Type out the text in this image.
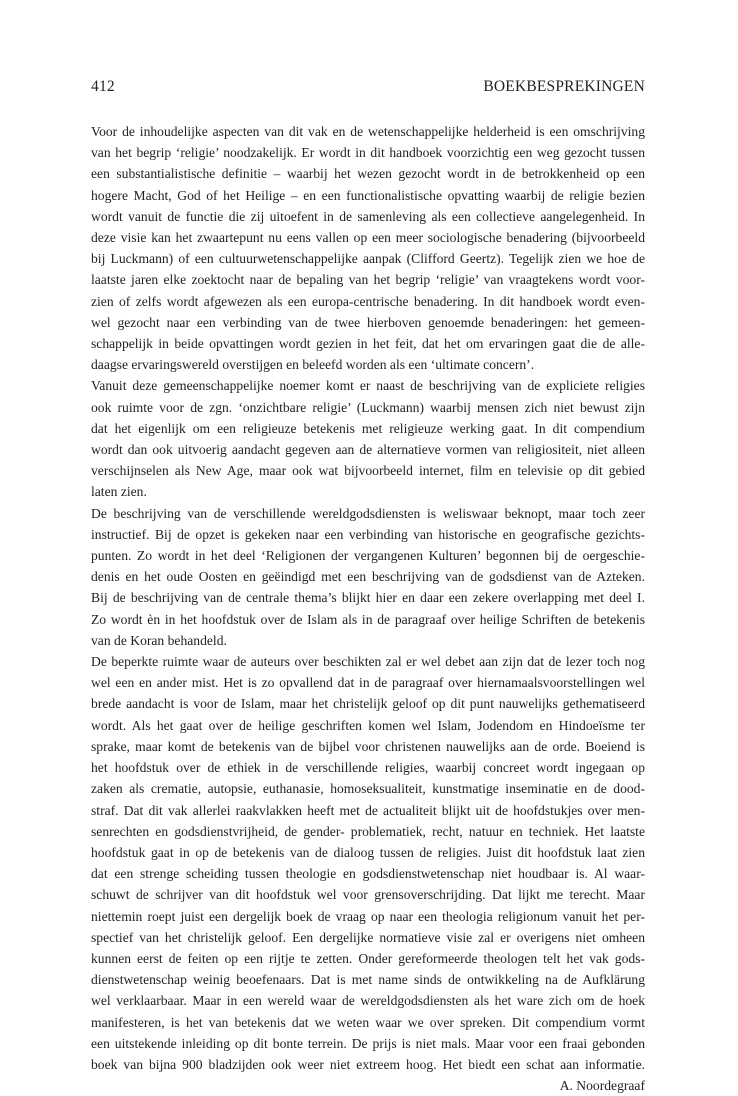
412	BOEKBESPREKINGEN
Voor de inhoudelijke aspecten van dit vak en de wetenschappelijke helderheid is een omschrijving
van het begrip ‘religie’ noodzakelijk. Er wordt in dit handboek voorzichtig een weg gezocht tussen
een substantialistische definitie – waarbij het wezen gezocht wordt in de betrokkenheid op een
hogere Macht, God of het Heilige – en een functionalistische opvatting waarbij de religie bezien
wordt vanuit de functie die zij uitoefent in de samenleving als een collectieve aangelegenheid. In
deze visie kan het zwaartepunt nu eens vallen op een meer sociologische benadering (bijvoorbeeld
bij Luckmann) of een cultuurwetenschappelijke aanpak (Clifford Geertz). Tegelijk zien we hoe de
laatste jaren elke zoektocht naar de bepaling van het begrip ‘religie’ van vraagtekens wordt voor-
zien of zelfs wordt afgewezen als een europa-centrische benadering. In dit handboek wordt even-
wel gezocht naar een verbinding van de twee hierboven genoemde benaderingen: het gemeen-
schappelijk in beide opvattingen wordt gezien in het feit, dat het om ervaringen gaat die de alle-
daagse ervaringswereld overstijgen en beleefd worden als een ‘ultimate concern’.
Vanuit deze gemeenschappelijke noemer komt er naast de beschrijving van de expliciete religies
ook ruimte voor de zgn. ‘onzichtbare religie’ (Luckmann) waarbij mensen zich niet bewust zijn
dat het eigenlijk om een religieuze betekenis met religieuze werking gaat. In dit compendium
wordt dan ook uitvoerig aandacht gegeven aan de alternatieve vormen van religiositeit, niet alleen
verschijnselen als New Age, maar ook wat bijvoorbeeld internet, film en televisie op dit gebied
laten zien.
De beschrijving van de verschillende wereldgodsdiensten is weliswaar beknopt, maar toch zeer
instructief. Bij de opzet is gekeken naar een verbinding van historische en geografische gezichts-
punten. Zo wordt in het deel ‘Religionen der vergangenen Kulturen’ begonnen bij de oergeschie-
denis en het oude Oosten en geëindigd met een beschrijving van de godsdienst van de Azteken.
Bij de beschrijving van de centrale thema’s blijkt hier en daar een zekere overlapping met deel I.
Zo wordt èn in het hoofdstuk over de Islam als in de paragraaf over heilige Schriften de betekenis
van de Koran behandeld.
De beperkte ruimte waar de auteurs over beschikten zal er wel debet aan zijn dat de lezer toch nog
wel een en ander mist. Het is zo opvallend dat in de paragraaf over hiernamaalsvoorstellingen wel
brede aandacht is voor de Islam, maar het christelijk geloof op dit punt nauwelijks gethematiseerd
wordt. Als het gaat over de heilige geschriften komen wel Islam, Jodendom en Hindoeïsme ter
sprake, maar komt de betekenis van de bijbel voor christenen nauwelijks aan de orde. Boeiend is
het hoofdstuk over de ethiek in de verschillende religies, waarbij concreet wordt ingegaan op
zaken als crematie, autopsie, euthanasie, homoseksualiteit, kunstmatige inseminatie en de dood-
straf. Dat dit vak allerlei raakvlakken heeft met de actualiteit blijkt uit de hoofdstukjes over men-
senrechten en godsdienstvrijheid, de gender- problematiek, recht, natuur en techniek. Het laatste
hoofdstuk gaat in op de betekenis van de dialoog tussen de religies. Juist dit hoofdstuk laat zien
dat een strenge scheiding tussen theologie en godsdienstwetenschap niet houdbaar is. Al waar-
schuwt de schrijver van dit hoofdstuk wel voor grensoverschrijding. Dat lijkt me terecht. Maar
niettemin roept juist een dergelijk boek de vraag op naar een theologia religionum vanuit het per-
spectief van het christelijk geloof. Een dergelijke normatieve visie zal er overigens niet omheen
kunnen eerst de feiten op een rijtje te zetten. Onder gereformeerde theologen telt het vak gods-
dienstwetenschap weinig beoefenaars. Dat is met name sinds de ontwikkeling na de Aufklärung
wel verklaarbaar. Maar in een wereld waar de wereldgodsdiensten als het ware zich om de hoek
manifesteren, is het van betekenis dat we weten waar we over spreken. Dit compendium vormt
een uitstekende inleiding op dit bonte terrein. De prijs is niet mals. Maar voor een fraai gebonden
boek van bijna 900 bladzijden ook weer niet extreem hoog. Het biedt een schat aan informatie.
A. Noordegraaf
